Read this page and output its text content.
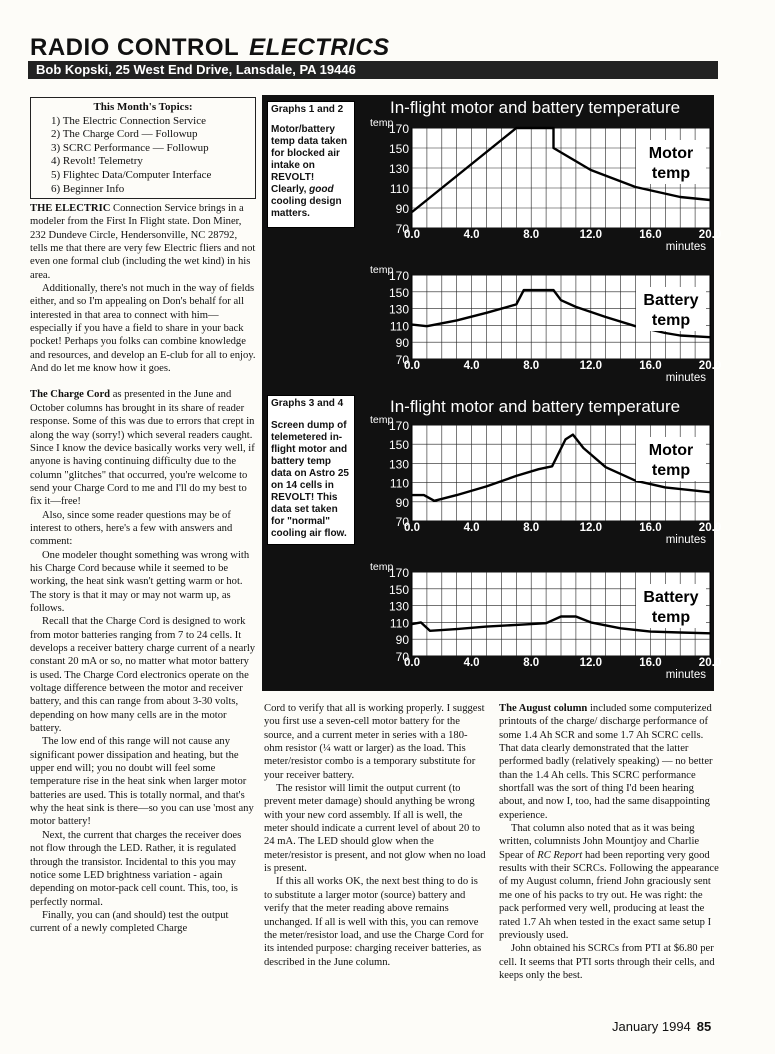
RADIO CONTROL ELECTRICS
Bob Kopski, 25 West End Drive, Lansdale, PA 19446
This Month's Topics:
1) The Electric Connection Service
2) The Charge Cord — Followup
3) SCRC Performance — Followup
4) Revolt! Telemetry
5) Flightec Data/Computer Interface
6) Beginner Info

THE ELECTRIC Connection Service brings in a modeler from the First In Flight state. Don Miner, 232 Dundeve Circle, Hendersonville, NC 28792, tells me that there are very few Electric fliers and not even one formal club (including the wet kind) in his area.

Additionally, there's not much in the way of fields either, and so I'm appealing on Don's behalf for all interested in that area to connect with him—especially if you have a field to share in your back pocket! Perhaps you folks can combine knowledge and resources, and develop an E-club for all to enjoy. And do let me know how it goes.

The Charge Cord as presented in the June and October columns has brought in its share of reader response. Some of this was due to errors that crept in along the way (sorry!) which several readers caught. Since I know the device basically works very well, if anyone is having continuing difficulty due to the column "glitches" that occurred, you're welcome to send your Charge Cord to me and I'll do my best to fix it—free!

Also, since some reader questions may be of interest to others, here's a few with answers and comment:

One modeler thought something was wrong with his Charge Cord because while it seemed to be working, the heat sink wasn't getting warm or hot. The story is that it may or may not warm up, as follows.

Recall that the Charge Cord is designed to work from motor batteries ranging from 7 to 24 cells. It develops a receiver battery charge current of a nearly constant 20 mA or so, no matter what motor battery is used. The Charge Cord electronics operate on the voltage difference between the motor and receiver battery, and this can range from about 3-30 volts, depending on how many cells are in the motor battery.

The low end of this range will not cause any significant power dissipation and heating, but the upper end will; you no doubt will feel some temperature rise in the heat sink when larger motor batteries are used. This is totally normal, and that's why the heat sink is there—so you can use 'most any motor battery!

Next, the current that charges the receiver does not flow through the LED. Rather, it is regulated through the transistor. Incidental to this you may notice some LED brightness variation - again depending on motor-pack cell count. This, too, is perfectly normal.

Finally, you can (and should) test the output current of a newly completed Charge

Cord to verify that all is working properly. I suggest you first use a seven-cell motor battery for the source, and a current meter in series with a 180-ohm resistor (¼ watt or larger) as the load. This meter/resistor combo is a temporary substitute for your receiver battery.

The resistor will limit the output current (to prevent meter damage) should anything be wrong with your new cord assembly. If all is well, the meter should indicate a current level of about 20 to 24 mA. The LED should glow when the meter/resistor is present, and not glow when no load is present.

If this all works OK, the next best thing to do is to substitute a larger motor (source) battery and verify that the meter reading above remains unchanged. If all is well with this, you can remove the meter/resistor load, and use the Charge Cord for its intended purpose: charging receiver batteries, as described in the June column.

The August column included some computerized printouts of the charge/ discharge performance of some 1.4 Ah SCR and some 1.7 Ah SCRC cells. That data clearly demonstrated that the latter performed badly (relatively speaking) — no better than the 1.4 Ah cells. This SCRC performance shortfall was the sort of thing I'd been hearing about, and now I, too, had the same disappointing experience.

That column also noted that as it was being written, columnists John Mountjoy and Charlie Spear of RC Report had been reporting very good results with their SCRCs. Following the appearance of my August column, friend John graciously sent me one of his packs to try out. He was right: the pack performed very well, producing at least the rated 1.7 Ah when tested in the exact same setup I previously used.

John obtained his SCRCs from PTI at $6.80 per cell. It seems that PTI sorts through their cells, and keeps only the best.

In-flight motor and battery temperature
In-flight motor and battery temperature
Graphs 1 and 2
Motor/battery temp data taken for blocked air intake on REVOLT! Clearly, good cooling design matters.
Graphs 3 and 4
Screen dump of telemetered in-flight motor and battery temp data on Astro 25 on 14 cells in REVOLT! This data set taken for "normal" cooling air flow.
170
150
130
110
90
70
0.0	4.0	8.0	12.0	16.0	20.0
temp
minutes
Motor
temp
170
150
130
110
90
70
0.0	4.0	8.0	12.0	16.0	20.0
temp
minutes
Battery
temp
170
150
130
110
90
70
0.0	4.0	8.0	12.0	16.0	20.0
temp
minutes
Motor
temp
170
150
130
110
90
70
0.0	4.0	8.0	12.0	16.0	20.0
temp
minutes
Battery
temp
January 1994 85
